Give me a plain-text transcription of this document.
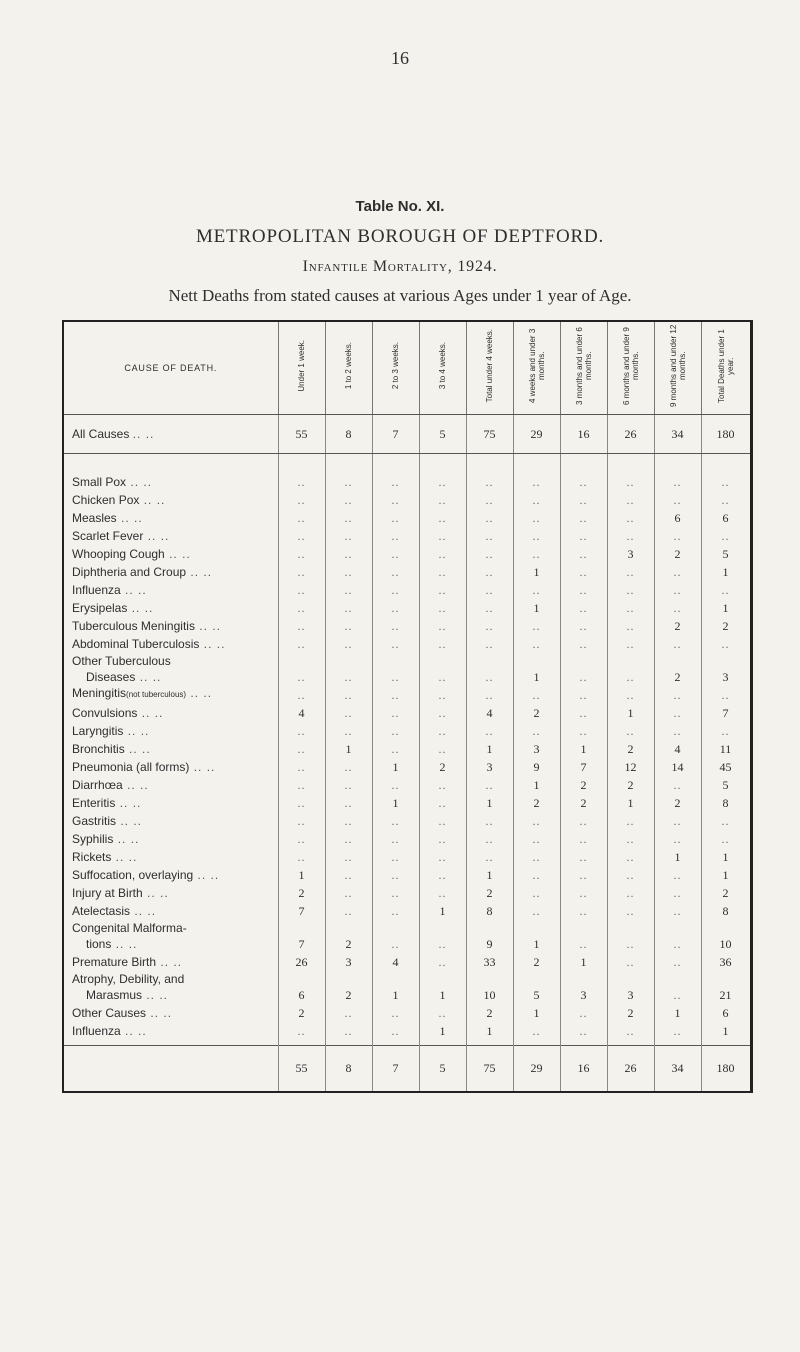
16
Table No. XI.
METROPOLITAN BOROUGH OF DEPTFORD.
Infantile Mortality, 1924.
Nett Deaths from stated causes at various Ages under 1 year of Age.
CAUSE OF DEATH.	Under 1 week.	1 to 2 weeks.	2 to 3 weeks.	3 to 4 weeks.	Total under 4 weeks.	4 weeks and under 3 months.	3 months and under 6 months.	6 months and under 9 months.	9 months and under 12 months.	Total Deaths under 1 year.
All Causes .. ..	55	8	7	5	75	29	16	26	34	180

Small Pox .. ..	..	..	..	..	..	..	..	..	..	..
Chicken Pox .. ..	..	..	..	..	..	..	..	..	..	..
Measles .. ..	..	..	..	..	..	..	..	..	6	6
Scarlet Fever .. ..	..	..	..	..	..	..	..	..	..	..
Whooping Cough .. ..	..	..	..	..	..	..	..	3	2	5
Diphtheria and Croup .. ..	..	..	..	..	..	1	..	..	..	1
Influenza .. ..	..	..	..	..	..	..	..	..	..	..
Erysipelas .. ..	..	..	..	..	..	1	..	..	..	1
Tuberculous Meningitis .. ..	..	..	..	..	..	..	..	..	2	2
Abdominal Tuberculosis .. ..	..	..	..	..	..	..	..	..	..	..
Other Tuberculous
Diseases .. ..	..	..	..	..	..	1	..	..	2	3
Meningitis(not tuberculous) .. ..	..	..	..	..	..	..	..	..	..	..
Convulsions .. ..	4	..	..	..	4	2	..	1	..	7
Laryngitis .. ..	..	..	..	..	..	..	..	..	..	..
Bronchitis .. ..	..	1	..	..	1	3	1	2	4	11
Pneumonia (all forms) .. ..	..	..	1	2	3	9	7	12	14	45
Diarrhœa .. ..	..	..	..	..	..	1	2	2	..	5
Enteritis .. ..	..	..	1	..	1	2	2	1	2	8
Gastritis .. ..	..	..	..	..	..	..	..	..	..	..
Syphilis .. ..	..	..	..	..	..	..	..	..	..	..
Rickets .. ..	..	..	..	..	..	..	..	..	1	1
Suffocation, overlaying .. ..	1	..	..	..	1	..	..	..	..	1
Injury at Birth .. ..	2	..	..	..	2	..	..	..	..	2
Atelectasis .. ..	7	..	..	1	8	..	..	..	..	8
Congenital Malforma-
tions .. ..	7	2	..	..	9	1	..	..	..	10
Premature Birth .. ..	26	3	4	..	33	2	1	..	..	36
Atrophy, Debility, and
Marasmus .. ..	6	2	1	1	10	5	3	3	..	21
Other Causes .. ..	2	..	..	..	2	1	..	2	1	6
Influenza .. ..	..	..	..	1	1	..	..	..	..	1

	55	8	7	5	75	29	16	26	34	180
